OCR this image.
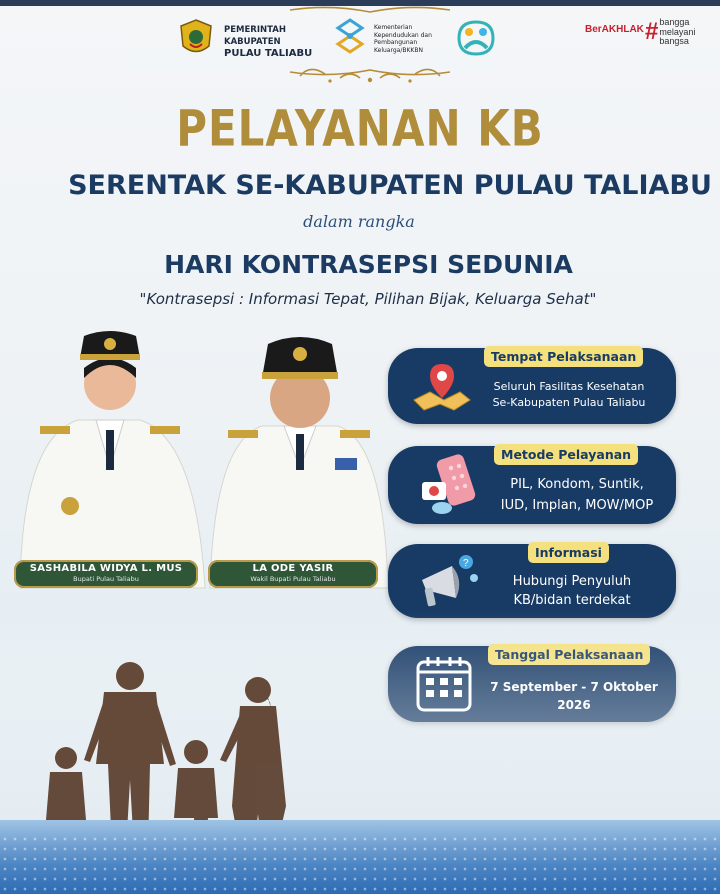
PEMERINTAH KABUPATEN
PULAU TALIABU
Kementerian Kependudukan dan Pembangunan Keluarga/BKKBN
BerAKHLAK # bangga
melayani
bangsa
PELAYANAN KB
SERENTAK SE-KABUPATEN PULAU TALIABU
dalam rangka
HARI KONTRASEPSI SEDUNIA
"Kontrasepsi : Informasi Tepat, Pilihan Bijak, Keluarga Sehat"
SASHABILA WIDYA L. MUS
Bupati Pulau Taliabu
LA ODE YASIR
Wakil Bupati Pulau Taliabu
Tempat Pelaksanaan
Seluruh Fasilitas Kesehatan
Se-Kabupaten Pulau Taliabu
Metode Pelayanan
PIL, Kondom, Suntik,
IUD, Implan, MOW/MOP
?
Informasi
Hubungi Penyuluh
KB/bidan terdekat
